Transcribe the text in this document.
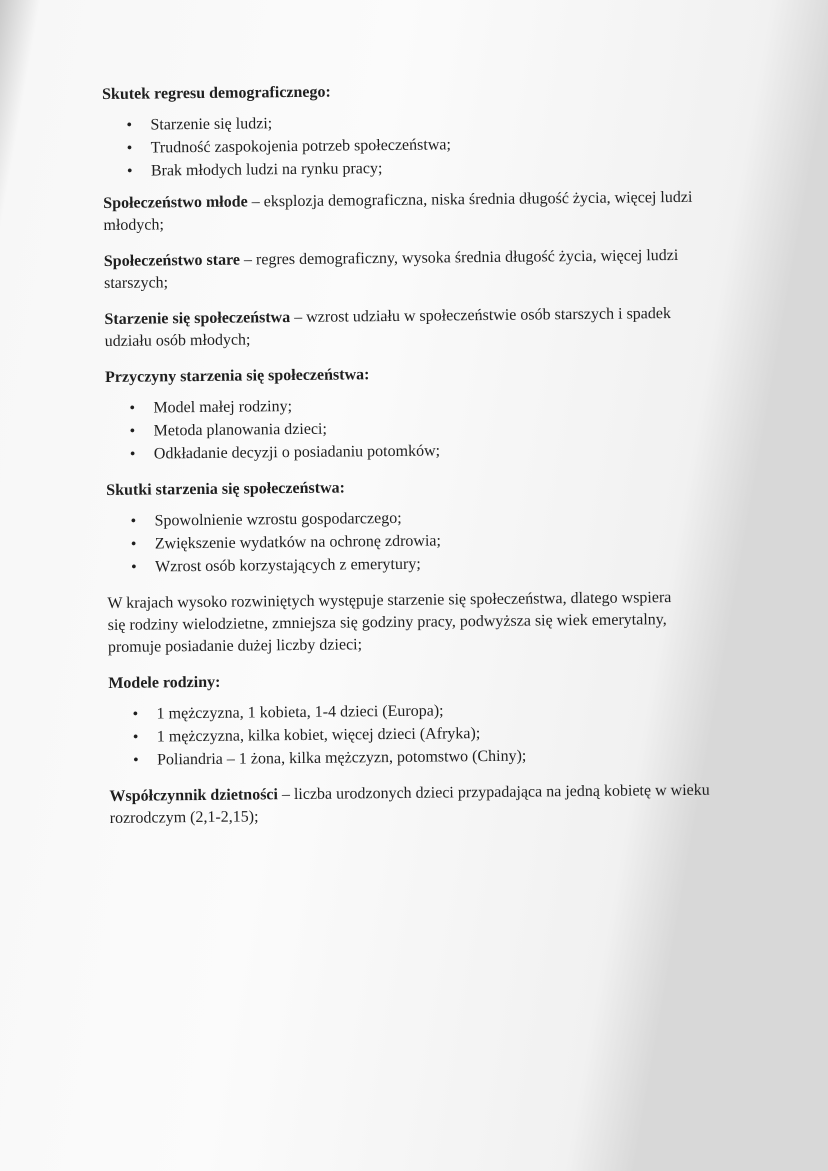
Skutek regresu demograficznego:

• Starzenie się ludzi;
• Trudność zaspokojenia potrzeb społeczeństwa;
• Brak młodych ludzi na rynku pracy;

Społeczeństwo młode – eksplozja demograficzna, niska średnia długość życia, więcej ludzi młodych;

Społeczeństwo stare – regres demograficzny, wysoka średnia długość życia, więcej ludzi starszych;

Starzenie się społeczeństwa – wzrost udziału w społeczeństwie osób starszych i spadek udziału osób młodych;

Przyczyny starzenia się społeczeństwa:

• Model małej rodziny;
• Metoda planowania dzieci;
• Odkładanie decyzji o posiadaniu potomków;

Skutki starzenia się społeczeństwa:

• Spowolnienie wzrostu gospodarczego;
• Zwiększenie wydatków na ochronę zdrowia;
• Wzrost osób korzystających z emerytury;

W krajach wysoko rozwiniętych występuje starzenie się społeczeństwa, dlatego wspiera się rodziny wielodzietne, zmniejsza się godziny pracy, podwyższa się wiek emerytalny, promuje posiadanie dużej liczby dzieci;

Modele rodziny:

• 1 mężczyzna, 1 kobieta, 1-4 dzieci (Europa);
• 1 mężczyzna, kilka kobiet, więcej dzieci (Afryka);
• Poliandria – 1 żona, kilka mężczyzn, potomstwo (Chiny);

Współczynnik dzietności – liczba urodzonych dzieci przypadająca na jedną kobietę w wieku rozrodczym (2,1-2,15);
